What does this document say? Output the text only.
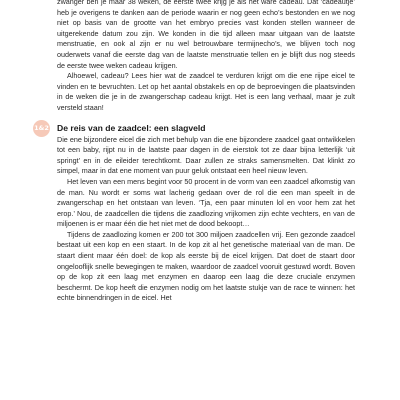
zwanger ben je maar 38 weken, de eerste twee krijg je als het ware cadeau. Dat ‘cadeautje’ heb je overigens te danken aan de periode waarin er nog geen echo’s bestonden en we nog niet op basis van de grootte van het embryo precies vast konden stellen wanneer de uitgerekende datum zou zijn. We konden in die tijd alleen maar uitgaan van de laatste menstruatie, en ook al zijn er nu wel betrouwbare termijnecho’s, we blijven toch nog ouderwets vanaf die eerste dag van de laatste menstruatie tellen en je blijft dus nog steeds de eerste twee weken cadeau krijgen.

Alhoewel, cadeau? Lees hier wat de zaadcel te verduren krijgt om die ene rijpe eicel te vinden en te bevruchten. Let op het aantal obstakels en op de beproevingen die plaatsvinden in de weken die je in de zwangerschap cadeau krijgt. Het is een lang verhaal, maar je zult versteld staan!

1&2 De reis van de zaadcel: een slagveld

Die ene bijzondere eicel die zich met behulp van die ene bijzondere zaadcel gaat ontwikkelen tot een baby, rijpt nu in de laatste paar dagen in de eierstok tot ze daar bijna letterlijk ‘uit springt’ en in de eileider terechtkomt. Daar zullen ze straks samensmelten. Dat klinkt zo simpel, maar in dat ene moment van puur geluk ontstaat een heel nieuw leven.

Het leven van een mens begint voor 50 procent in de vorm van een zaadcel afkomstig van de man. Nu wordt er soms wat lacherig gedaan over de rol die een man speelt in de zwangerschap en het ontstaan van leven. ‘Tja, een paar minuten lol en voor hem zat het erop.’ Nou, de zaadcellen die tijdens die zaadlozing vrijkomen zijn echte vechters, en van de miljoenen is er maar één die het niet met de dood bekoopt…

Tijdens de zaadlozing komen er 200 tot 300 miljoen zaadcellen vrij. Een gezonde zaadcel bestaat uit een kop en een staart. In de kop zit al het genetische materiaal van de man. De staart dient maar één doel: de kop als eerste bij de eicel krijgen. Dat doet de staart door ongelooflijk snelle bewegingen te maken, waardoor de zaadcel vooruit gestuwd wordt. Boven op de kop zit een laag met enzymen en daarop een laag die deze cruciale enzymen beschermt. De kop heeft die enzymen nodig om het laatste stukje van de race te winnen: het echte binnendringen in de eicel. Het
